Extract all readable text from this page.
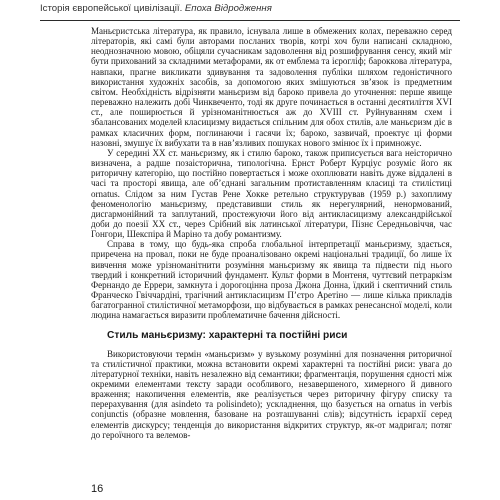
Історія європейської цивілізації. Епоха Відродження

Маньєристська література, як правило, існувала лише в обмежених колах, переважно серед літераторів, які самі були авторами посланих творів, котрі хоч були написані складною, неоднозначною мовою, обіцяли сучасникам задоволення від розшифрування сенсу, який міг бути прихований за складними метафорами, як от емблема та ієрогліф; бароккова література, навпаки, прагне викликати здивування та задоволення публіки шляхом гедоністичного використання художніх засобів, за допомогою яких змішуються зв’язок із предметним світом. Необхідність відрізняти маньєризм від бароко привела до уточнення: перше явище переважно належить добі Чинквеченто, тоді як друге починається в останні десятиліття XVI ст., але поширюється й урізноманітнюється аж до XVIII ст. Руйнуванням схем і збалансованих моделей класицизму видається спільним для обох стилів, але маньєризм діє в рамках класичних форм, поглинаючи і гасячи їх; бароко, зазвичай, проектує ці форми назовні, змушує їх вибухати та в нав’язливих пошуках нового змінює їх і примножує.

У середині XX ст. маньєризму, як і стилю бароко, також приписується вага неісторично визначена, а радше позаісторична, типологічна. Ернст Роберт Курціус розуміє його як риторичну категорію, що постійно повертається і може охоплювати навіть дуже віддалені в часі та просторі явища, але об’єднані загальним протиставленням класиці та стилістиці ornatus. Слідом за ним Густав Рене Хокке ретельно структурував (1959 р.) захоплиму феноменологію маньєризму, представивши стиль як нерегулярний, ненормований, дисгармонійний та заплутаний, простежуючи його від антикласицизму александрійської доби до поезії XX ст., через Срібний вік латинської літератури, Пізнє Середньовіччя, час Гонгори, Шекспіра й Маріно та добу романтизму.

Справа в тому, що будь-яка спроба глобальної інтерпретації маньєризму, здається, приречена на провал, поки не буде проаналізовано окремі національні традиції, бо лише їх вивчення може урізноманітнити розуміння маньєризму як явища та підвести під нього твердий і конкретний історичний фундамент. Культ форми в Монтеня, чуттєвий петраркізм Фернандо де Еррери, замкнута і дорогоцінна проза Джона Донна, їдкий і скептичний стиль Франческо Гвіччардіні, трагічний антикласицизм П’єтро Аретіно — лише кілька прикладів багатогранної стилістичної метаморфози, що відбувається в рамках ренесансної моделі, коли людина намагається виразити проблематичне бачення дійсності.

Стиль маньєризму: характерні та постійні риси

Використовуючи термін «маньєризм» у вузькому розумінні для позначення риторичної та стилістичної практики, можна встановити окремі характерні та постійні риси: увага до літературної техніки, навіть незалежно від семантики; фрагментація, порушення єдності між окремими елементами тексту заради особливого, незавершеного, химерного й дивного враження; накопичення елементів, яке реалізується через риторичну фігуру списку та перерахування (для asindeto та polisindeto); ускладнення, що базується на ornatus in verbis conjunctis (образне мовлення, базоване на розташуванні слів); відсутність ієрархії серед елементів дискурсу; тенденція до використання відкритих структур, як-от мадригал; потяг до героїчного та велемов-

16
